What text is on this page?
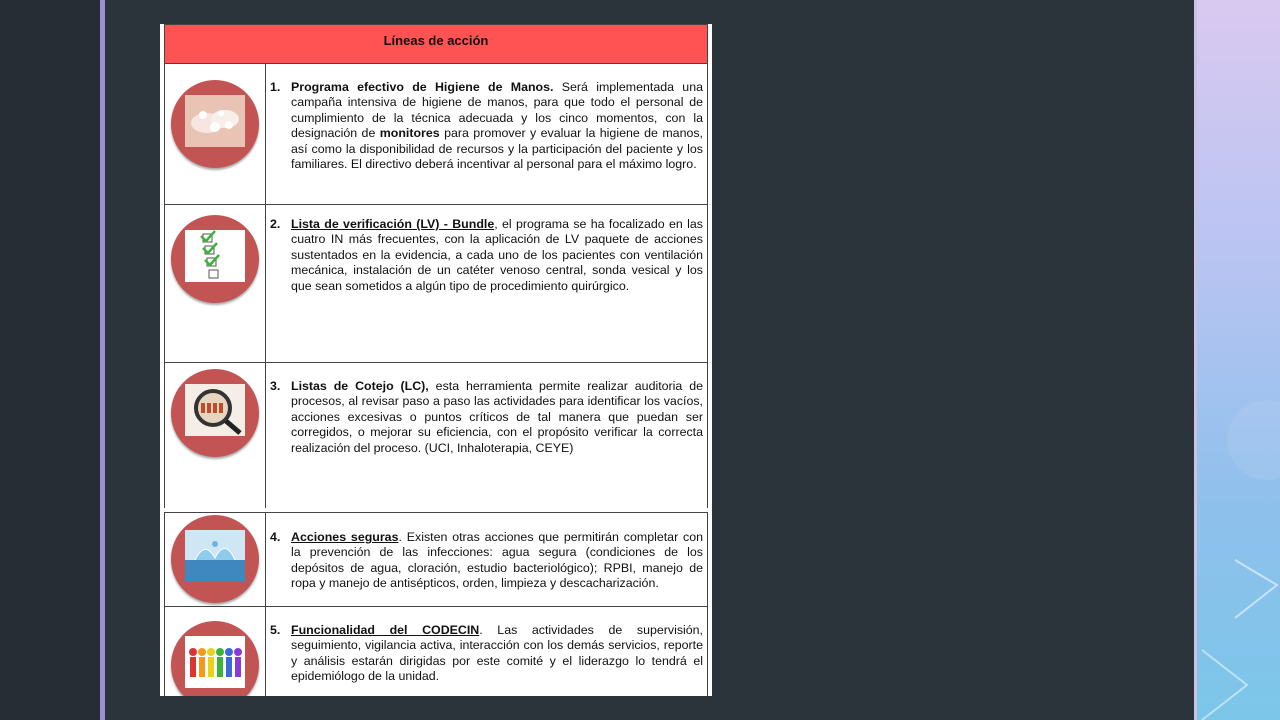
Líneas de acción
1. Programa efectivo de Higiene de Manos. Será implementada una campaña intensiva de higiene de manos, para que todo el personal de cumplimiento de la técnica adecuada y los cinco momentos, con la designación de monitores para promover y evaluar la higiene de manos, así como la disponibilidad de recursos y la participación del paciente y los familiares. El directivo deberá incentivar al personal para el máximo logro.
2. Lista de verificación (LV) - Bundle, el programa se ha focalizado en las cuatro IN más frecuentes, con la aplicación de LV paquete de acciones sustentados en la evidencia, a cada uno de los pacientes con ventilación mecánica, instalación de un catéter venoso central, sonda vesical y los que sean sometidos a algún tipo de procedimiento quirúrgico.
3. Listas de Cotejo (LC), esta herramienta permite realizar auditoria de procesos, al revisar paso a paso las actividades para identificar los vacíos, acciones excesivas o puntos críticos de tal manera que puedan ser corregidos, o mejorar su eficiencia, con el propósito verificar la correcta realización del proceso. (UCI, Inhaloterapia, CEYE)
4. Acciones seguras. Existen otras acciones que permitirán completar con la prevención de las infecciones: agua segura (condiciones de los depósitos de agua, cloración, estudio bacteriológico); RPBI, manejo de ropa y manejo de antisépticos, orden, limpieza y descacharización.
5. Funcionalidad del CODECIN. Las actividades de supervisión, seguimiento, vigilancia activa, interacción con los demás servicios, reporte y análisis estarán dirigidas por este comité y el liderazgo lo tendrá el epidemiólogo de la unidad.
